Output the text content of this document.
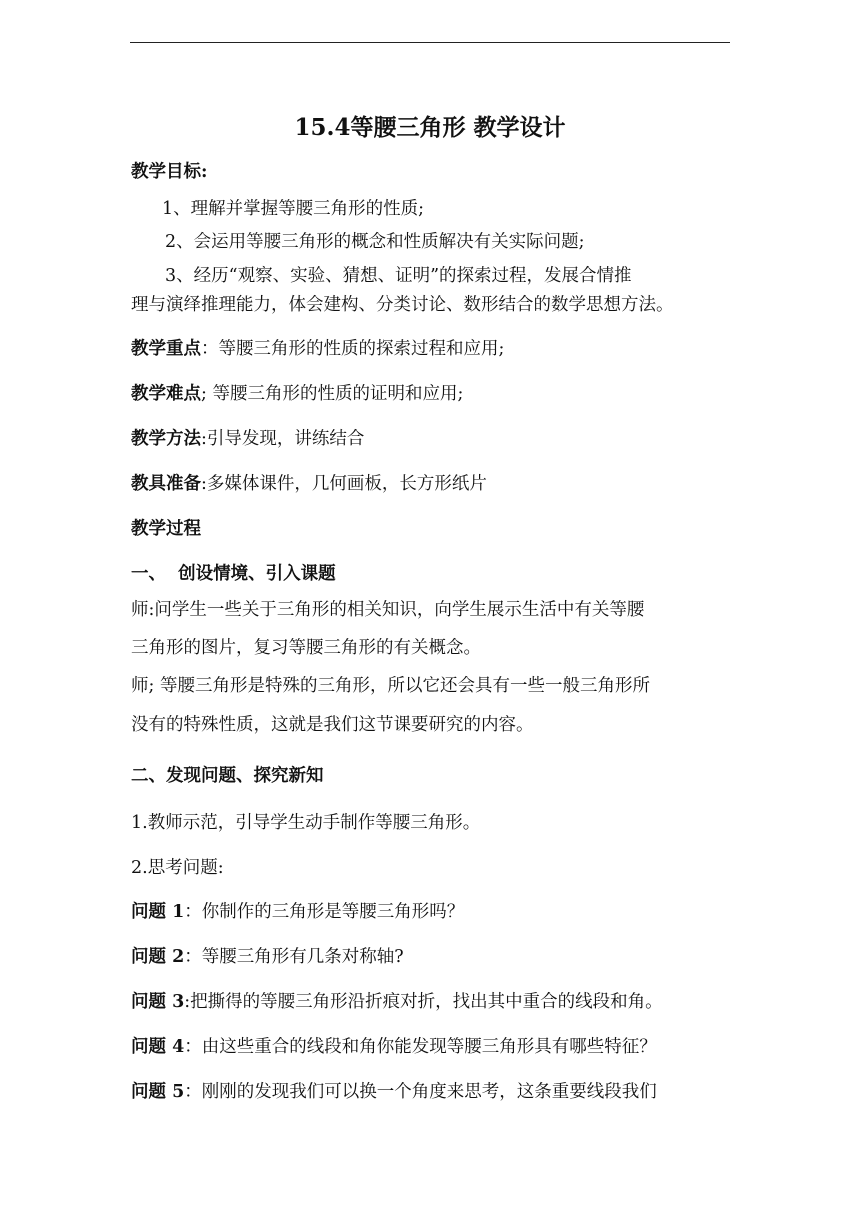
15.4等腰三角形 教学设计
教学目标:
1、理解并掌握等腰三角形的性质;
2、会运用等腰三角形的概念和性质解决有关实际问题;
3、经历“观察、实验、猜想、证明”的探索过程，发展合情推
理与演绎推理能力，体会建构、分类讨论、数形结合的数学思想方法。
教学重点：等腰三角形的性质的探索过程和应用;
教学难点; 等腰三角形的性质的证明和应用;
教学方法:引导发现，讲练结合
教具准备:多媒体课件，几何画板，长方形纸片
教学过程
一、  创设情境、引入课题
师:问学生一些关于三角形的相关知识，向学生展示生活中有关等腰
三角形的图片，复习等腰三角形的有关概念。
师; 等腰三角形是特殊的三角形，所以它还会具有一些一般三角形所
没有的特殊性质，这就是我们这节课要研究的内容。
二、发现问题、探究新知
1.教师示范，引导学生动手制作等腰三角形。
2.思考问题:
问题 1：你制作的三角形是等腰三角形吗？
问题 2：等腰三角形有几条对称轴?
问题 3:把撕得的等腰三角形沿折痕对折，找出其中重合的线段和角。
问题 4：由这些重合的线段和角你能发现等腰三角形具有哪些特征？
问题 5：刚刚的发现我们可以换一个角度来思考，这条重要线段我们
